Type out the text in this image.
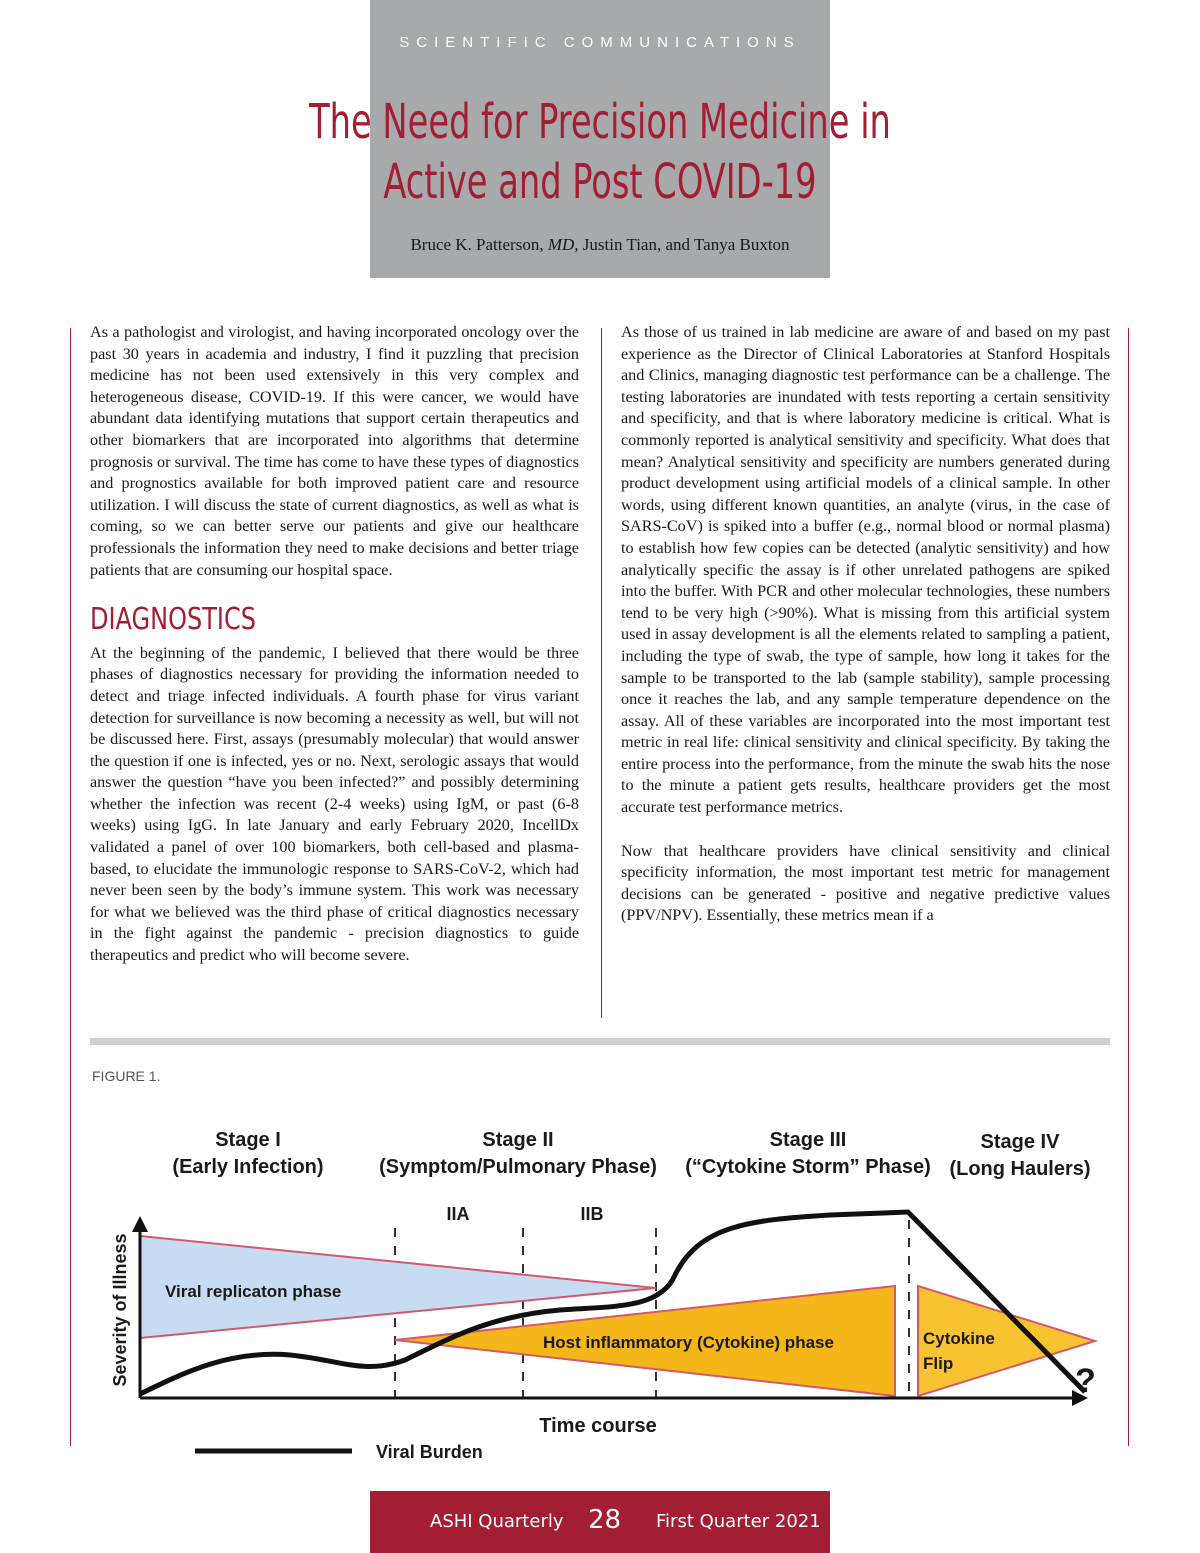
SCIENTIFIC COMMUNICATIONS
The Need for Precision Medicine in
Active and Post COVID-19
Bruce K. Patterson, MD, Justin Tian, and Tanya Buxton

As a pathologist and virologist, and having incorporated oncology over the past 30 years in academia and industry, I find it puzzling that precision medicine has not been used extensively in this very complex and heterogeneous disease, COVID-19. If this were cancer, we would have abundant data identifying mutations that support certain therapeutics and other biomarkers that are incorporated into algorithms that determine prognosis or survival. The time has come to have these types of diagnostics and prognostics available for both improved patient care and resource utilization. I will discuss the state of current diagnostics, as well as what is coming, so we can better serve our patients and give our healthcare professionals the information they need to make decisions and better triage patients that are consuming our hospital space.

DIAGNOSTICS

At the beginning of the pandemic, I believed that there would be three phases of diagnostics necessary for providing the information needed to detect and triage infected individuals. A fourth phase for virus variant detection for surveillance is now becoming a necessity as well, but will not be discussed here. First, assays (presumably molecular) that would answer the question if one is infected, yes or no. Next, serologic assays that would answer the question “have you been infected?” and possibly determining whether the infection was recent (2-4 weeks) using IgM, or past (6-8 weeks) using IgG. In late January and early February 2020, IncellDx validated a panel of over 100 biomarkers, both cell-based and plasma-based, to elucidate the immunologic response to SARS-CoV-2, which had never been seen by the body’s immune system. This work was necessary for what we believed was the third phase of critical diagnostics necessary in the fight against the pandemic - precision diagnostics to guide therapeutics and predict who will become severe.

As those of us trained in lab medicine are aware of and based on my past experience as the Director of Clinical Laboratories at Stanford Hospitals and Clinics, managing diagnostic test performance can be a challenge. The testing laboratories are inundated with tests reporting a certain sensitivity and specificity, and that is where laboratory medicine is critical. What is commonly reported is analytical sensitivity and specificity. What does that mean? Analytical sensitivity and specificity are numbers generated during product development using artificial models of a clinical sample. In other words, using different known quantities, an analyte (virus, in the case of SARS-CoV) is spiked into a buffer (e.g., normal blood or normal plasma) to establish how few copies can be detected (analytic sensitivity) and how analytically specific the assay is if other unrelated pathogens are spiked into the buffer. With PCR and other molecular technologies, these numbers tend to be very high (>90%). What is missing from this artificial system used in assay development is all the elements related to sampling a patient, including the type of swab, the type of sample, how long it takes for the sample to be transported to the lab (sample stability), sample processing once it reaches the lab, and any sample temperature dependence on the assay. All of these variables are incorporated into the most important test metric in real life: clinical sensitivity and clinical specificity. By taking the entire process into the performance, from the minute the swab hits the nose to the minute a patient gets results, healthcare providers get the most accurate test performance metrics.

Now that healthcare providers have clinical sensitivity and clinical specificity information, the most important test metric for management decisions can be generated - positive and negative predictive values (PPV/NPV). Essentially, these metrics mean if a

FIGURE 1.
Stage I
(Early Infection)
Stage II
(Symptom/Pulmonary Phase)
Stage III
(“Cytokine Storm” Phase)
Stage IV
(Long Haulers)
IIA	IIB
Viral replicaton phase
Host inflammatory (Cytokine) phase	Cytokine
Flip	?
Severity of Illness
Time course
Viral Burden
ASHI Quarterly 28 First Quarter 2021
